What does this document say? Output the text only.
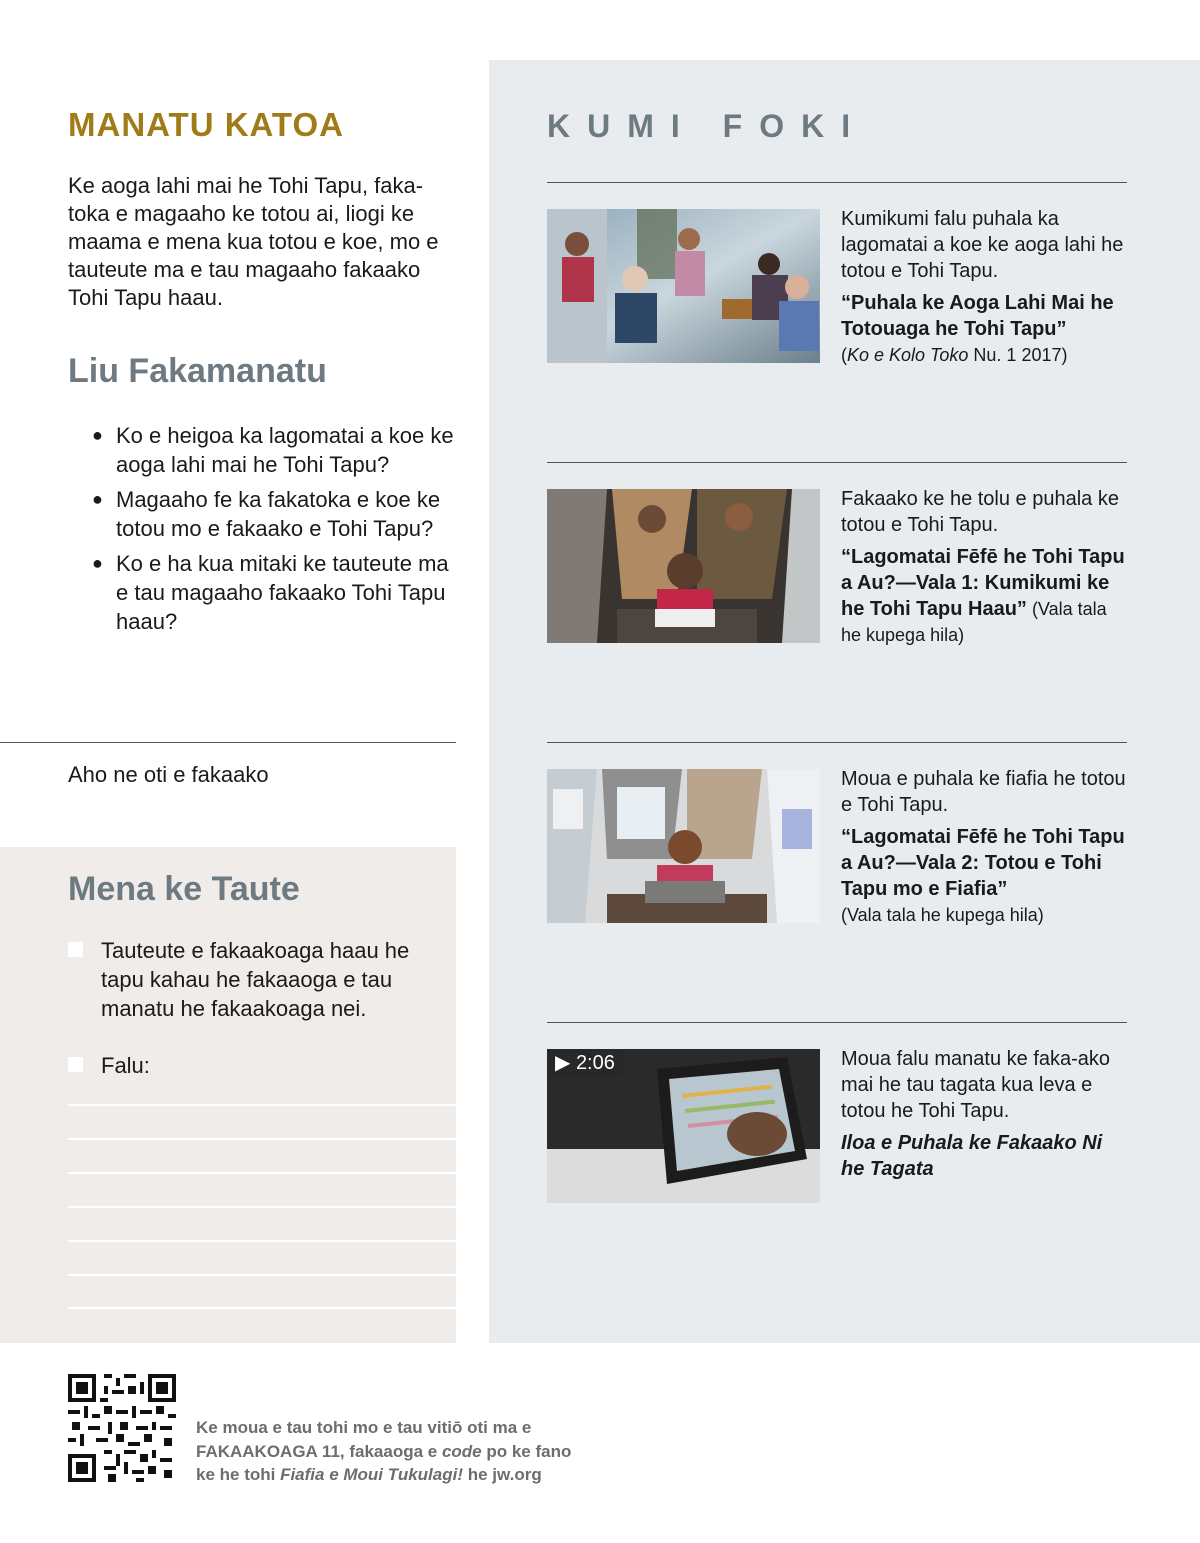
MANATU KATOA

Ke aoga lahi mai he Tohi Tapu, faka-toka e magaaho ke totou ai, liogi ke maama e mena kua totou e koe, mo e tauteute ma e tau magaaho fakaako Tohi Tapu haau.

Liu Fakamanatu
● Ko e heigoa ka lagomatai a koe ke aoga lahi mai he Tohi Tapu?
● Magaaho fe ka fakatoka e koe ke totou mo e fakaako e Tohi Tapu?
● Ko e ha kua mitaki ke tauteute ma e tau magaaho fakaako Tohi Tapu haau?
Aho ne oti e fakaako
Mena ke Taute
Tauteute e fakaakoaga haau he tapu kahau he fakaaoga e tau manatu he fakaakoaga nei.
Falu:
KUMI FOKI
Kumikumi falu puhala ka lagomatai a koe ke aoga lahi he totou e Tohi Tapu.
“Puhala ke Aoga Lahi Mai he Totouaga he Tohi Tapu”
(Ko e Kolo Toko Nu. 1 2017)
Fakaako ke he tolu e puhala ke totou e Tohi Tapu.
“Lagomatai Fēfē he Tohi Tapu a Au?—Vala 1: Kumikumi ke he Tohi Tapu Haau” (Vala tala he kupega hila)
Moua e puhala ke fiafia he totou e Tohi Tapu.
“Lagomatai Fēfē he Tohi Tapu a Au?—Vala 2: Totou e Tohi Tapu mo e Fiafia”
(Vala tala he kupega hila)
▶ 2:06	Moua falu manatu ke faka-ako mai he tau tagata kua leva e totou he Tohi Tapu.
Iloa e Puhala ke Fakaako Ni he Tagata
Ke moua e tau tohi mo e tau vitiō oti ma e
FAKAAKOAGA 11, fakaaoga e code po ke fano
ke he tohi Fiafia e Moui Tukulagi! he jw.org
